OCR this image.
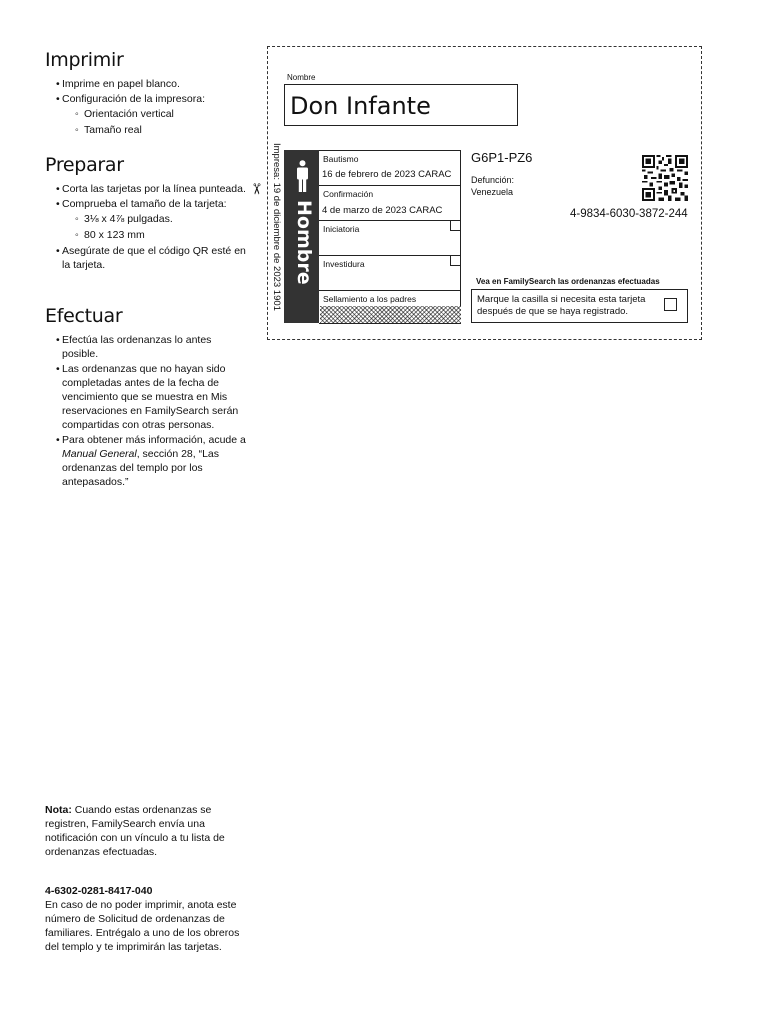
Imprimir
• Imprime en papel blanco.
• Configuración de la impresora:
◦ Orientación vertical
◦ Tamaño real
Preparar
• Corta las tarjetas por la línea punteada.
• Comprueba el tamaño de la tarjeta:
◦ 3⅛ x 4⅞ pulgadas.
◦ 80 x 123 mm
• Asegúrate de que el código QR esté en la tarjeta.
Efectuar
• Efectúa las ordenanzas lo antes posible.
• Las ordenanzas que no hayan sido completadas antes de la fecha de vencimiento que se muestra en Mis reservaciones en FamilySearch serán compartidas con otras personas.
• Para obtener más información, acude a Manual General, sección 28, “Las ordenanzas del templo por los antepasados.”
Nota: Cuando estas ordenanzas se registren, FamilySearch envía una notificación con un vínculo a tu lista de ordenanzas efectuadas.
4-6302-0281-8417-040
En caso de no poder imprimir, anota este número de Solicitud de ordenanzas de familiares. Entrégalo a uno de los obreros del templo y te imprimirán las tarjetas.
✂
Nombre
Don Infante
Impresa: 19 de diciembre de 2023 1901 Hombre
Bautismo
16 de febrero de 2023 CARAC
Confirmación
4 de marzo de 2023 CARAC
Iniciatoria
Investidura
Sellamiento a los padres
G6P1-PZ6
Defunción:
Venezuela
4-9834-6030-3872-244
Vea en FamilySearch las ordenanzas efectuadas
Marque la casilla si necesita esta tarjeta después de que se haya registrado.
